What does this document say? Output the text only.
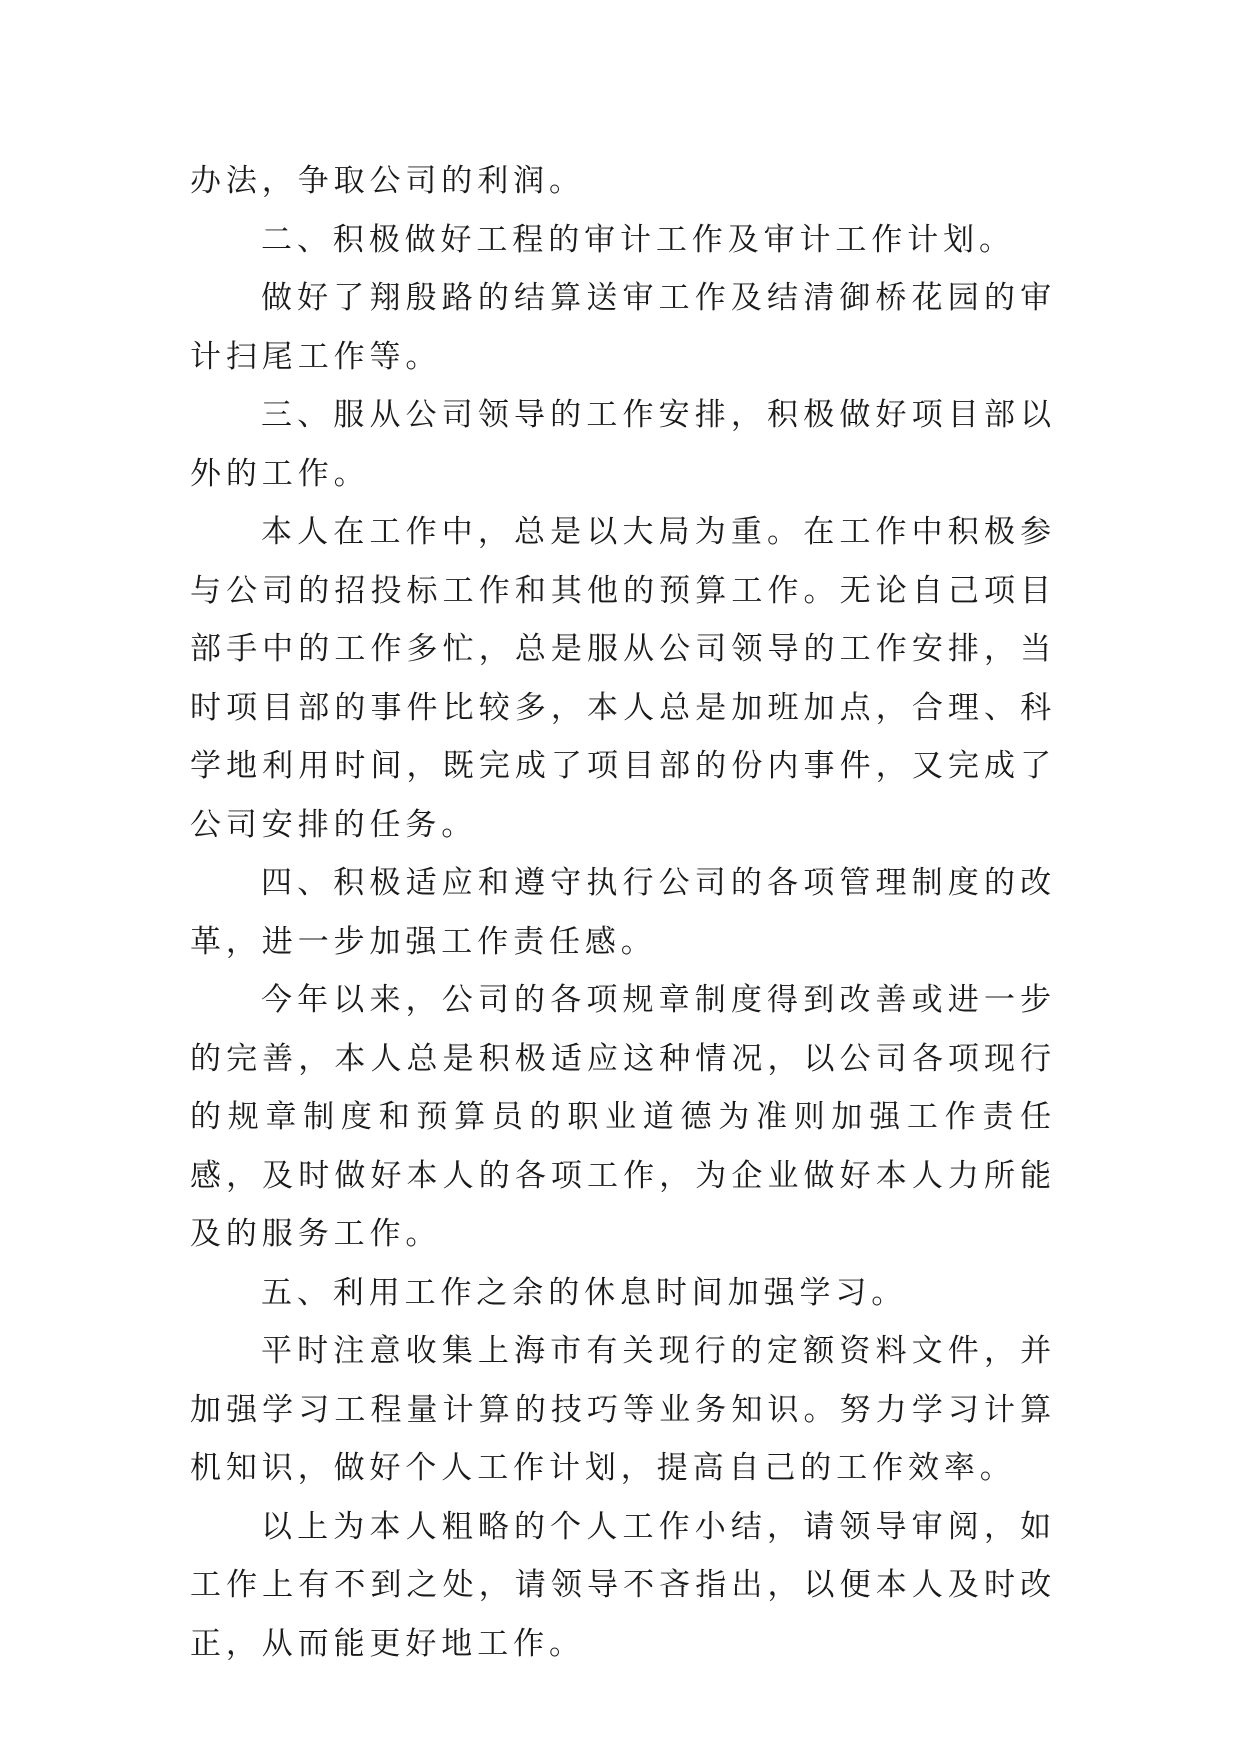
办法，争取公司的利润。

二、积极做好工程的审计工作及审计工作计划。

做好了翔殷路的结算送审工作及结清御桥花园的审计扫尾工作等。

三、服从公司领导的工作安排，积极做好项目部以外的工作。

本人在工作中，总是以大局为重。在工作中积极参与公司的招投标工作和其他的预算工作。无论自己项目部手中的工作多忙，总是服从公司领导的工作安排，当时项目部的事件比较多，本人总是加班加点，合理、科学地利用时间，既完成了项目部的份内事件，又完成了公司安排的任务。

四、积极适应和遵守执行公司的各项管理制度的改革，进一步加强工作责任感。

今年以来，公司的各项规章制度得到改善或进一步的完善，本人总是积极适应这种情况，以公司各项现行的规章制度和预算员的职业道德为准则加强工作责任感，及时做好本人的各项工作，为企业做好本人力所能及的服务工作。

五、利用工作之余的休息时间加强学习。

平时注意收集上海市有关现行的定额资料文件，并加强学习工程量计算的技巧等业务知识。努力学习计算机知识，做好个人工作计划，提高自己的工作效率。

以上为本人粗略的个人工作小结，请领导审阅，如工作上有不到之处，请领导不吝指出，以便本人及时改正，从而能更好地工作。
